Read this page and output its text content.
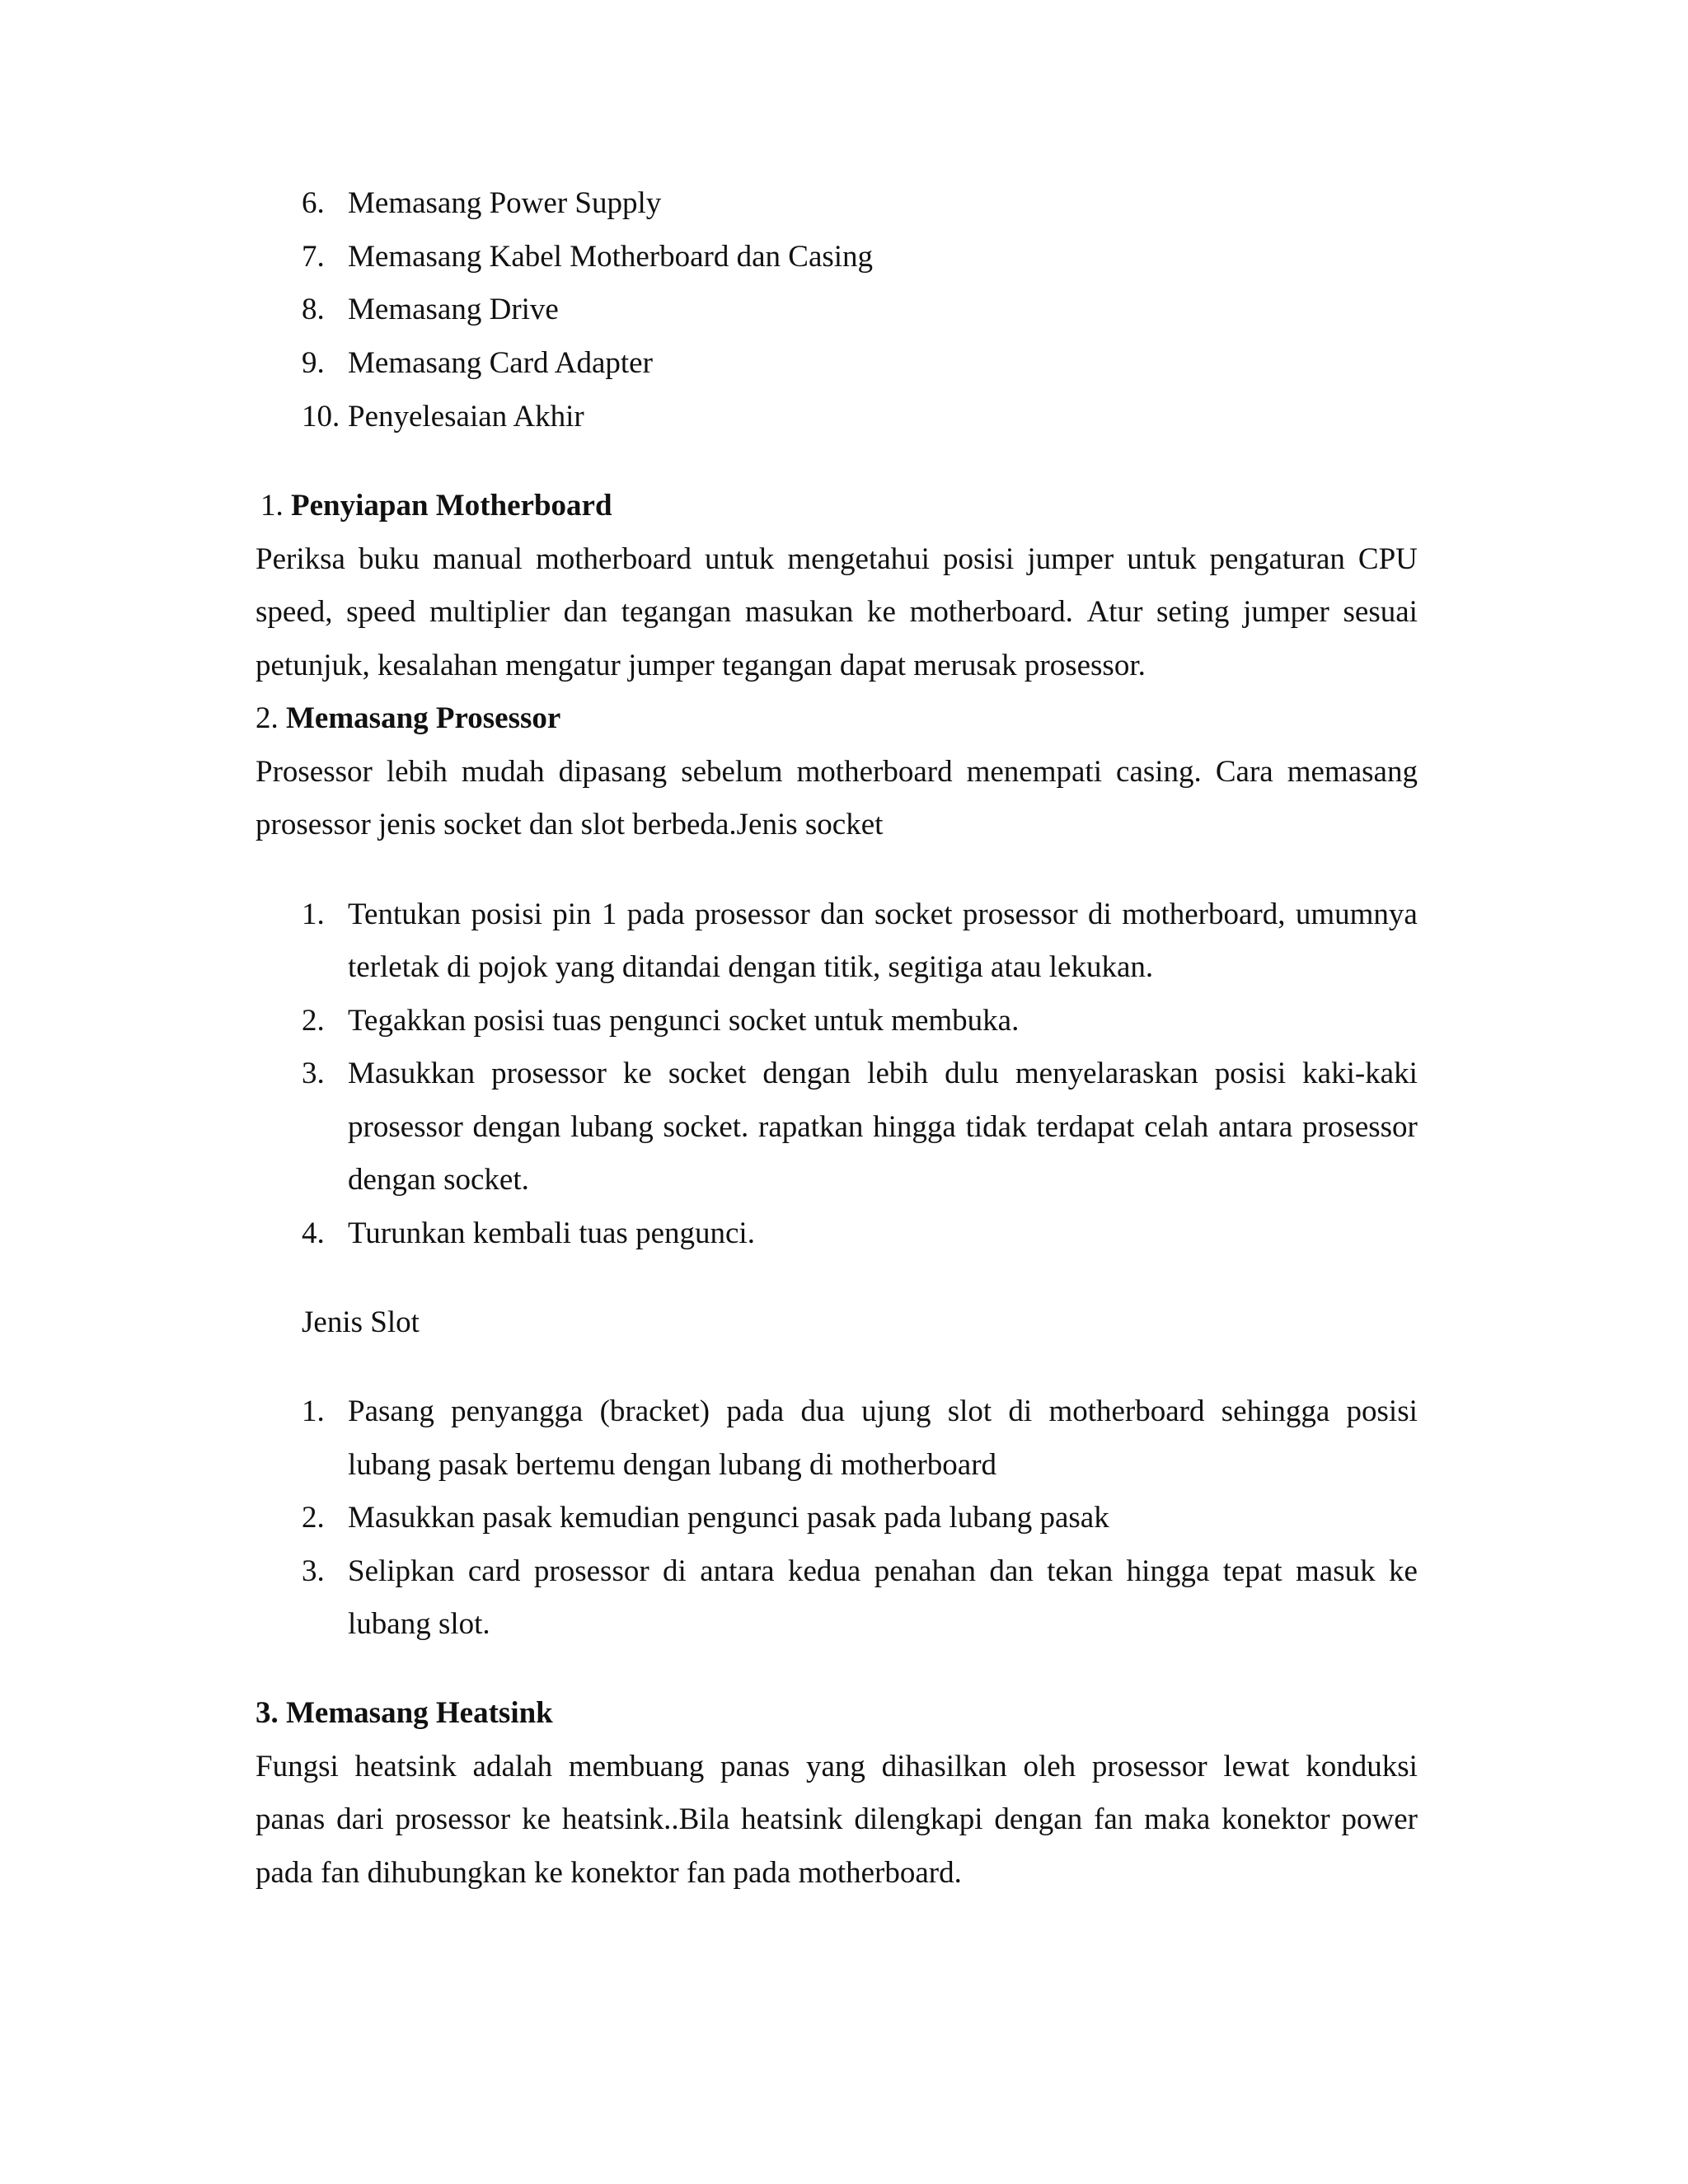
6. Memasang Power Supply
7. Memasang Kabel Motherboard dan Casing
8. Memasang Drive
9. Memasang Card Adapter
10. Penyelesaian Akhir
1. Penyiapan Motherboard
Periksa buku manual motherboard untuk mengetahui posisi jumper untuk pengaturan CPU
speed, speed multiplier dan tegangan masukan ke motherboard. Atur seting jumper sesuai
petunjuk, kesalahan mengatur jumper tegangan dapat merusak prosessor.
2. Memasang Prosessor
Prosessor lebih mudah dipasang sebelum motherboard menempati casing. Cara memasang
prosessor jenis socket dan slot berbeda.Jenis socket
1. Tentukan posisi pin 1 pada prosessor dan socket prosessor di motherboard, umumnya
terletak di pojok yang ditandai dengan titik, segitiga atau lekukan.
2. Tegakkan posisi tuas pengunci socket untuk membuka.
3. Masukkan prosessor ke socket dengan lebih dulu menyelaraskan posisi kaki-kaki
prosessor dengan lubang socket. rapatkan hingga tidak terdapat celah antara prosessor
dengan socket.
4. Turunkan kembali tuas pengunci.
Jenis Slot
1. Pasang penyangga (bracket) pada dua ujung slot di motherboard sehingga posisi
lubang pasak bertemu dengan lubang di motherboard
2. Masukkan pasak kemudian pengunci pasak pada lubang pasak
3. Selipkan card prosessor di antara kedua penahan dan tekan hingga tepat masuk ke
lubang slot.
3. Memasang Heatsink
Fungsi heatsink adalah membuang panas yang dihasilkan oleh prosessor lewat konduksi
panas dari prosessor ke heatsink..Bila heatsink dilengkapi dengan fan maka konektor power
pada fan dihubungkan ke konektor fan pada motherboard.
